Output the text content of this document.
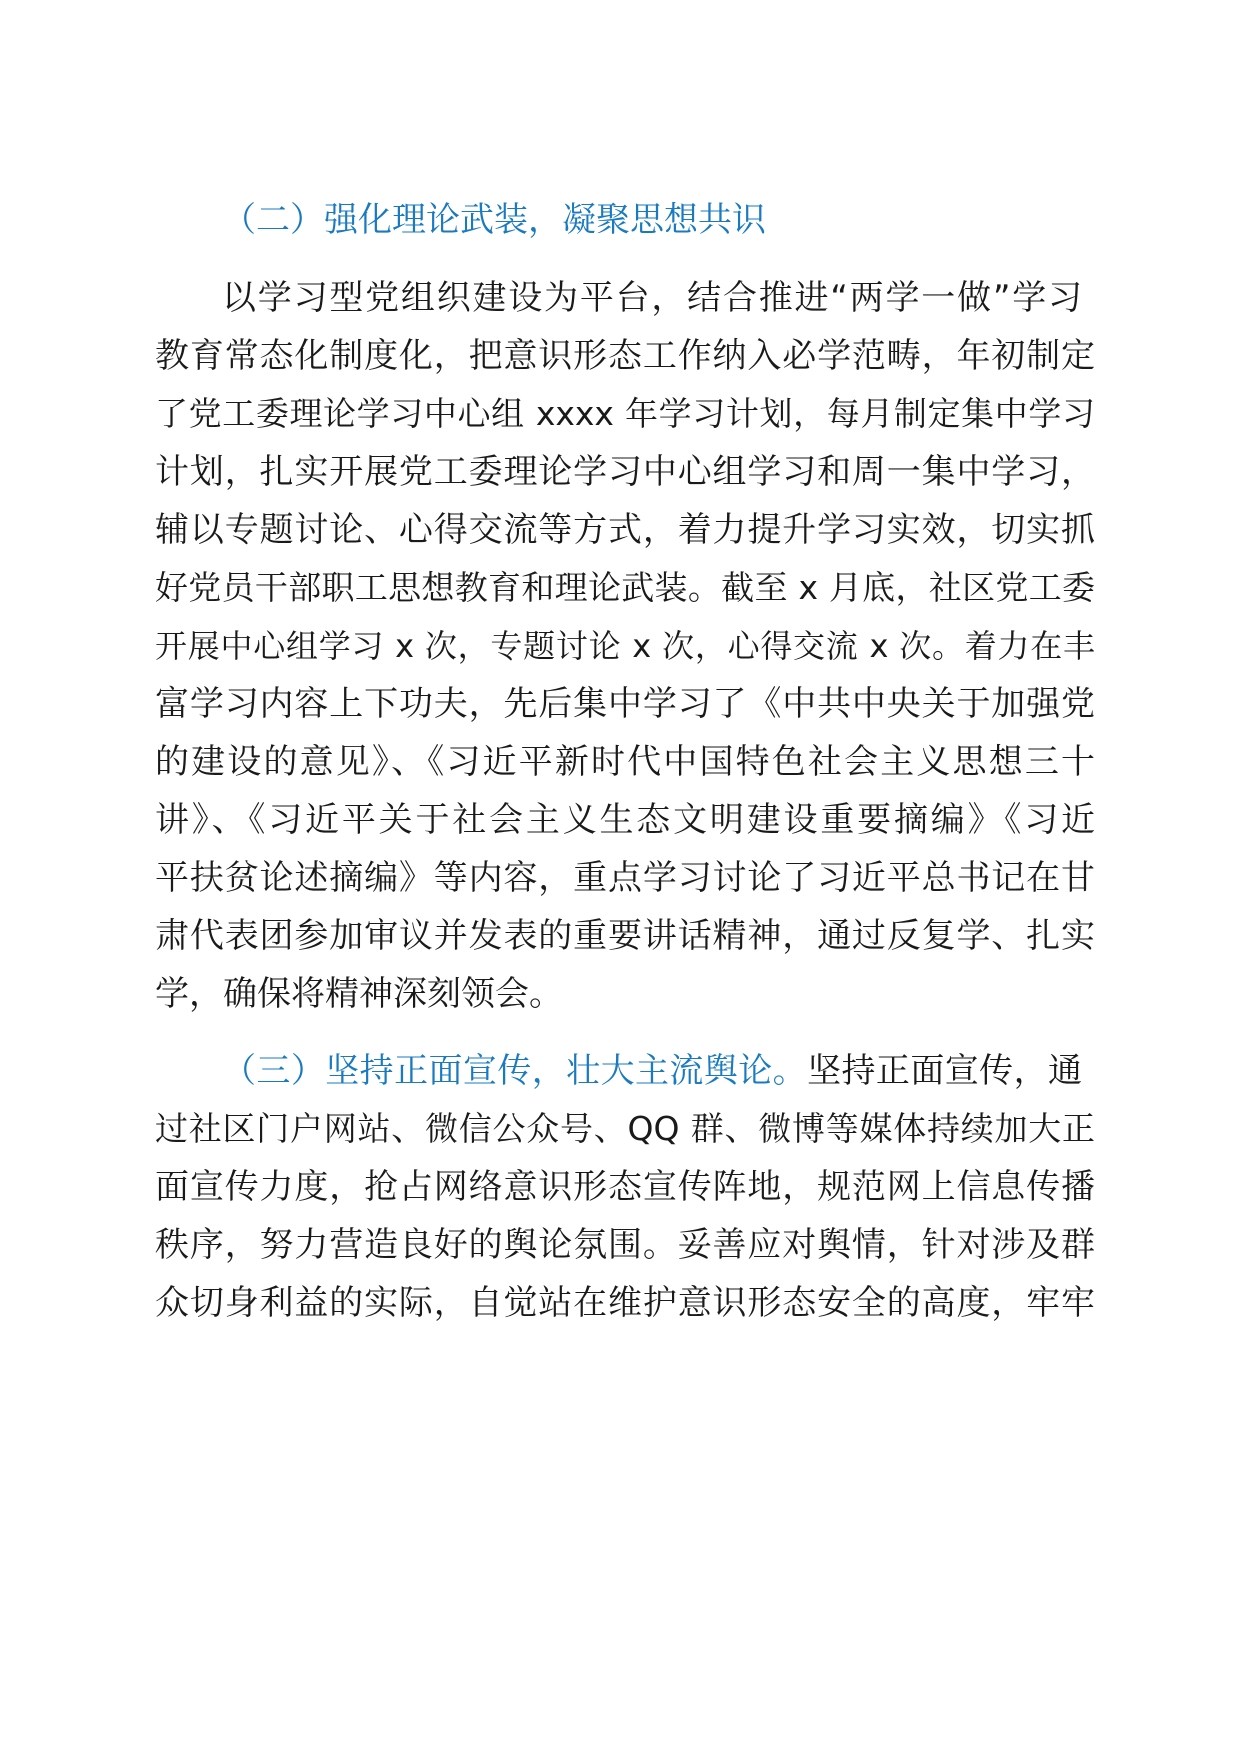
（二）强化理论武装，凝聚思想共识
以学习型党组织建设为平台，结合推进“两学一做”学习
教育常态化制度化，把意识形态工作纳入必学范畴，年初制定
了党工委理论学习中心组 xxxx 年学习计划，每月制定集中学习
计划，扎实开展党工委理论学习中心组学习和周一集中学习，
辅以专题讨论、心得交流等方式，着力提升学习实效，切实抓
好党员干部职工思想教育和理论武装。截至 x 月底，社区党工委
开展中心组学习 x 次，专题讨论 x 次，心得交流 x 次。着力在丰
富学习内容上下功夫，先后集中学习了《中共中央关于加强党
的建设的意见》、《习近平新时代中国特色社会主义思想三十
讲》、《习近平关于社会主义生态文明建设重要摘编》《习近
平扶贫论述摘编》等内容，重点学习讨论了习近平总书记在甘
肃代表团参加审议并发表的重要讲话精神，通过反复学、扎实
学，确保将精神深刻领会。
（三）坚持正面宣传，壮大主流舆论。坚持正面宣传，通
过社区门户网站、微信公众号、QQ 群、微博等媒体持续加大正
面宣传力度，抢占网络意识形态宣传阵地，规范网上信息传播
秩序，努力营造良好的舆论氛围。妥善应对舆情，针对涉及群
众切身利益的实际，自觉站在维护意识形态安全的高度，牢牢
